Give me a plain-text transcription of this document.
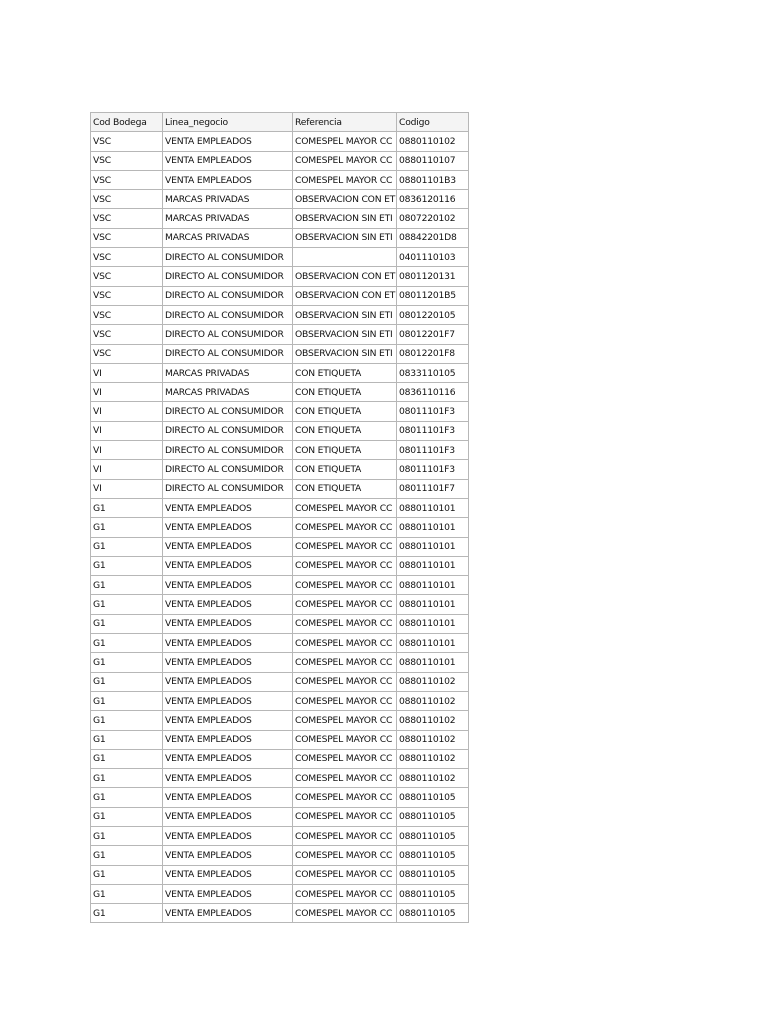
Cod Bodega	Linea_negocio	Referencia	Codigo
VSC	VENTA EMPLEADOS	COMESPEL MAYOR CC	0880110102
VSC	VENTA EMPLEADOS	COMESPEL MAYOR CC	0880110107
VSC	VENTA EMPLEADOS	COMESPEL MAYOR CC	08801101B3
VSC	MARCAS PRIVADAS	OBSERVACION CON ET	0836120116
VSC	MARCAS PRIVADAS	OBSERVACION SIN ETI	0807220102
VSC	MARCAS PRIVADAS	OBSERVACION SIN ETI	08842201D8
VSC	DIRECTO AL CONSUMIDOR		0401110103
VSC	DIRECTO AL CONSUMIDOR	OBSERVACION CON ET	0801120131
VSC	DIRECTO AL CONSUMIDOR	OBSERVACION CON ET	08011201B5
VSC	DIRECTO AL CONSUMIDOR	OBSERVACION SIN ETI	0801220105
VSC	DIRECTO AL CONSUMIDOR	OBSERVACION SIN ETI	08012201F7
VSC	DIRECTO AL CONSUMIDOR	OBSERVACION SIN ETI	08012201F8
VI	MARCAS PRIVADAS	CON ETIQUETA	0833110105
VI	MARCAS PRIVADAS	CON ETIQUETA	0836110116
VI	DIRECTO AL CONSUMIDOR	CON ETIQUETA	08011101F3
VI	DIRECTO AL CONSUMIDOR	CON ETIQUETA	08011101F3
VI	DIRECTO AL CONSUMIDOR	CON ETIQUETA	08011101F3
VI	DIRECTO AL CONSUMIDOR	CON ETIQUETA	08011101F3
VI	DIRECTO AL CONSUMIDOR	CON ETIQUETA	08011101F7
G1	VENTA EMPLEADOS	COMESPEL MAYOR CC	0880110101
G1	VENTA EMPLEADOS	COMESPEL MAYOR CC	0880110101
G1	VENTA EMPLEADOS	COMESPEL MAYOR CC	0880110101
G1	VENTA EMPLEADOS	COMESPEL MAYOR CC	0880110101
G1	VENTA EMPLEADOS	COMESPEL MAYOR CC	0880110101
G1	VENTA EMPLEADOS	COMESPEL MAYOR CC	0880110101
G1	VENTA EMPLEADOS	COMESPEL MAYOR CC	0880110101
G1	VENTA EMPLEADOS	COMESPEL MAYOR CC	0880110101
G1	VENTA EMPLEADOS	COMESPEL MAYOR CC	0880110101
G1	VENTA EMPLEADOS	COMESPEL MAYOR CC	0880110102
G1	VENTA EMPLEADOS	COMESPEL MAYOR CC	0880110102
G1	VENTA EMPLEADOS	COMESPEL MAYOR CC	0880110102
G1	VENTA EMPLEADOS	COMESPEL MAYOR CC	0880110102
G1	VENTA EMPLEADOS	COMESPEL MAYOR CC	0880110102
G1	VENTA EMPLEADOS	COMESPEL MAYOR CC	0880110102
G1	VENTA EMPLEADOS	COMESPEL MAYOR CC	0880110105
G1	VENTA EMPLEADOS	COMESPEL MAYOR CC	0880110105
G1	VENTA EMPLEADOS	COMESPEL MAYOR CC	0880110105
G1	VENTA EMPLEADOS	COMESPEL MAYOR CC	0880110105
G1	VENTA EMPLEADOS	COMESPEL MAYOR CC	0880110105
G1	VENTA EMPLEADOS	COMESPEL MAYOR CC	0880110105
G1	VENTA EMPLEADOS	COMESPEL MAYOR CC	0880110105
